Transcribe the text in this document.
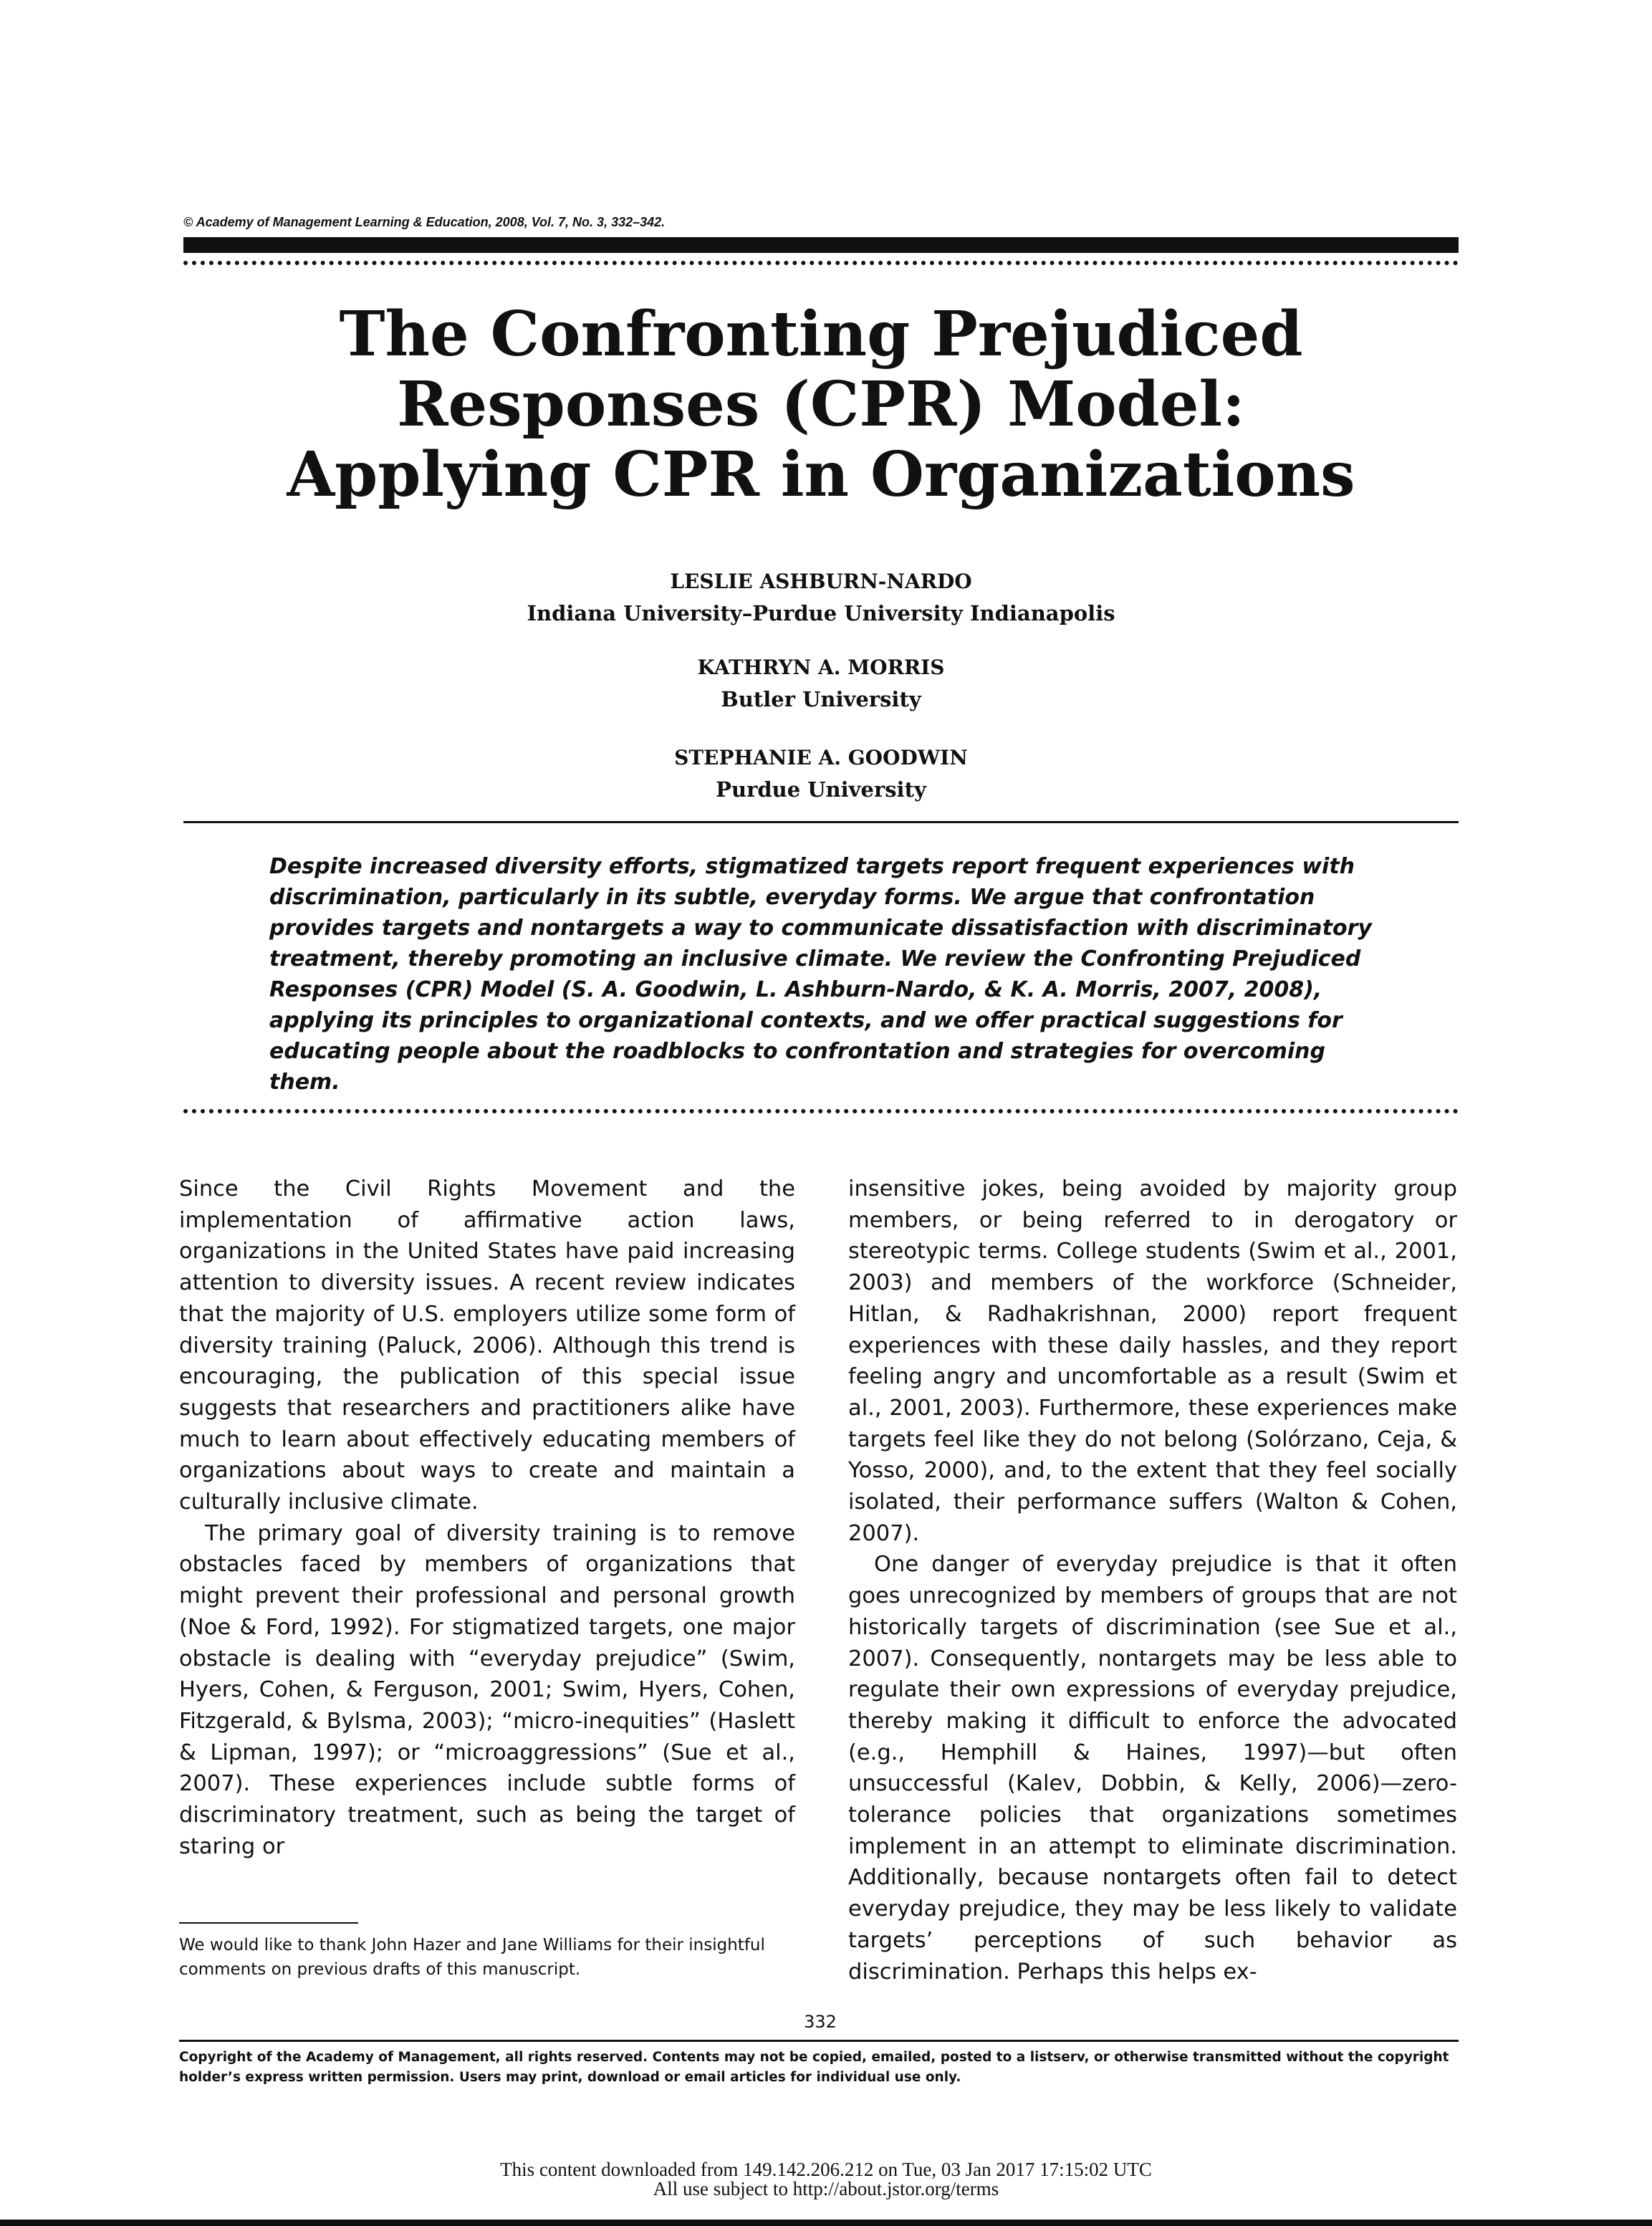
© Academy of Management Learning & Education, 2008, Vol. 7, No. 3, 332–342.
The Confronting Prejudiced
Responses (CPR) Model:
Applying CPR in Organizations
LESLIE ASHBURN-NARDO
Indiana University–Purdue University Indianapolis
KATHRYN A. MORRIS
Butler University
STEPHANIE A. GOODWIN
Purdue University
Despite increased diversity efforts, stigmatized targets report frequent experiences with discrimination, particularly in its subtle, everyday forms. We argue that confrontation provides targets and nontargets a way to communicate dissatisfaction with discriminatory treatment, thereby promoting an inclusive climate. We review the Confronting Prejudiced Responses (CPR) Model (S. A. Goodwin, L. Ashburn-Nardo, & K. A. Morris, 2007, 2008), applying its principles to organizational contexts, and we offer practical suggestions for educating people about the roadblocks to confrontation and strategies for overcoming them.

Since the Civil Rights Movement and the implementation of affirmative action laws, organizations in the United States have paid increasing attention to diversity issues. A recent review indicates that the majority of U.S. employers utilize some form of diversity training (Paluck, 2006). Although this trend is encouraging, the publication of this special issue suggests that researchers and practitioners alike have much to learn about effectively educating members of organizations about ways to create and maintain a culturally inclusive climate.

The primary goal of diversity training is to remove obstacles faced by members of organizations that might prevent their professional and personal growth (Noe & Ford, 1992). For stigmatized targets, one major obstacle is dealing with “everyday prejudice” (Swim, Hyers, Cohen, & Ferguson, 2001; Swim, Hyers, Cohen, Fitzgerald, & Bylsma, 2003); “micro-inequities” (Haslett & Lipman, 1997); or “microaggressions” (Sue et al., 2007). These experiences include subtle forms of discriminatory treatment, such as being the target of staring or

insensitive jokes, being avoided by majority group members, or being referred to in derogatory or stereotypic terms. College students (Swim et al., 2001, 2003) and members of the workforce (Schneider, Hitlan, & Radhakrishnan, 2000) report frequent experiences with these daily hassles, and they report feeling angry and uncomfortable as a result (Swim et al., 2001, 2003). Furthermore, these experiences make targets feel like they do not belong (Solórzano, Ceja, & Yosso, 2000), and, to the extent that they feel socially isolated, their performance suffers (Walton & Cohen, 2007).

One danger of everyday prejudice is that it often goes unrecognized by members of groups that are not historically targets of discrimination (see Sue et al., 2007). Consequently, nontargets may be less able to regulate their own expressions of everyday prejudice, thereby making it difficult to enforce the advocated (e.g., Hemphill & Haines, 1997)—but often unsuccessful (Kalev, Dobbin, & Kelly, 2006)—zero-tolerance policies that organizations sometimes implement in an attempt to eliminate discrimination. Additionally, because nontargets often fail to detect everyday prejudice, they may be less likely to validate targets’ perceptions of such behavior as discrimination. Perhaps this helps ex-

We would like to thank John Hazer and Jane Williams for their insightful comments on previous drafts of this manuscript.
332
Copyright of the Academy of Management, all rights reserved. Contents may not be copied, emailed, posted to a listserv, or otherwise transmitted without the copyright holder’s express written permission. Users may print, download or email articles for individual use only.
This content downloaded from 149.142.206.212 on Tue, 03 Jan 2017 17:15:02 UTC
All use subject to http://about.jstor.org/terms
